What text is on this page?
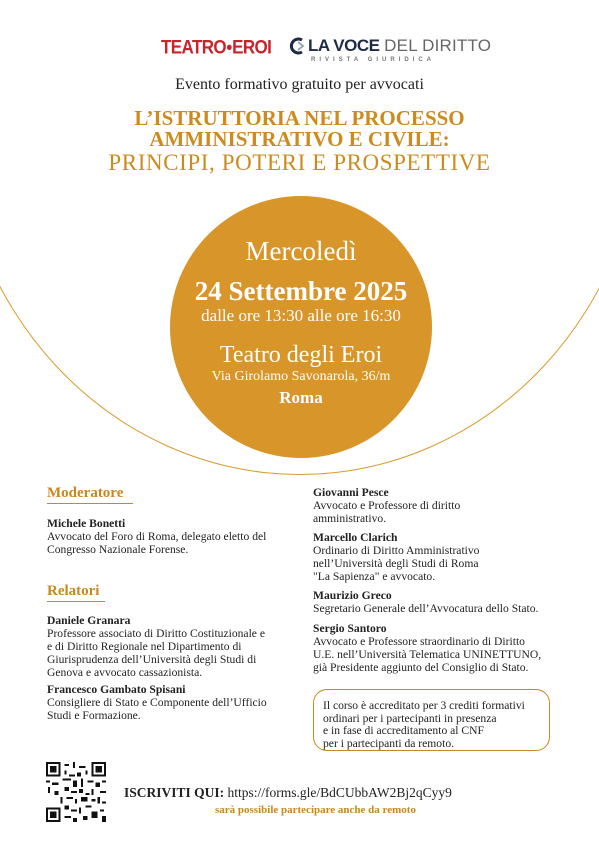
TEATRO●EROI LA VOCE DEL DIRITTO
RIVISTA GIURIDICA
Evento formativo gratuito per avvocati
L’ISTRUTTORIA NEL PROCESSO
AMMINISTRATIVO E CIVILE:
PRINCIPI, POTERI E PROSPETTIVE
Mercoledì
24 Settembre 2025
dalle ore 13:30 alle ore 16:30
Teatro degli Eroi
Via Girolamo Savonarola, 36/m
Roma
Moderatore
Michele Bonetti
Avvocato del Foro di Roma, delegato eletto del
Congresso Nazionale Forense.
Relatori
Daniele Granara
Professore associato di Diritto Costituzionale e
e di Diritto Regionale nel Dipartimento di
Giurisprudenza dell’Università degli Studi di
Genova e avvocato cassazionista.
Francesco Gambato Spisani
Consigliere di Stato e Componente dell’Ufficio
Studi e Formazione.
Giovanni Pesce
Avvocato e Professore di diritto
amministrativo.
Marcello Clarich
Ordinario di Diritto Amministrativo
nell’Università degli Studi di Roma
"La Sapienza" e avvocato.
Maurizio Greco
Segretario Generale dell’Avvocatura dello Stato.
Sergio Santoro
Avvocato e Professore straordinario di Diritto
U.E. nell’Università Telematica UNINETTUNO,
già Presidente aggiunto del Consiglio di Stato.
Il corso è accreditato per 3 crediti formativi
ordinari per i partecipanti in presenza
e in fase di accreditamento al CNF
per i partecipanti da remoto.
ISCRIVITI QUI: https://forms.gle/BdCUbbAW2Bj2qCyy9
sarà possibile partecipare anche da remoto
